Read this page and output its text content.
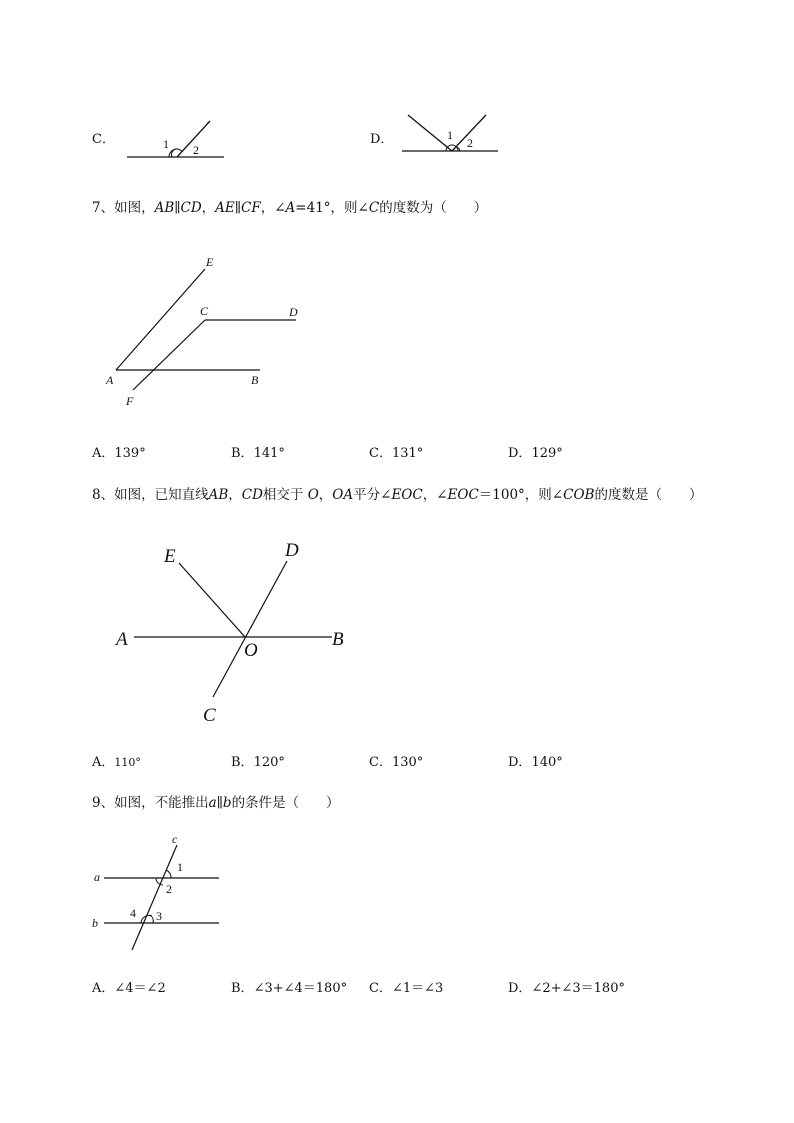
C．	1 2
D．	1
2
7、如图，AB∥CD，AE∥CF，∠A=41°，则∠C的度数为（　　）
E
C	D
A	B
F
A．139°	B．141°	C．131°	D．129°
8、如图，已知直线AB，CD相交于 O，OA平分∠EOC，∠EOC＝100°，则∠COB的度数是（　　）
E	D
A
O
B
C
A．110°	B．120°	C．130°	D．140°
9、如图，不能推出a∥b的条件是（　　）
c
a
b
1
2
3
4
A．∠4＝∠2	B．∠3+∠4＝180° C．∠1＝∠3	D．∠2+∠3＝180°
